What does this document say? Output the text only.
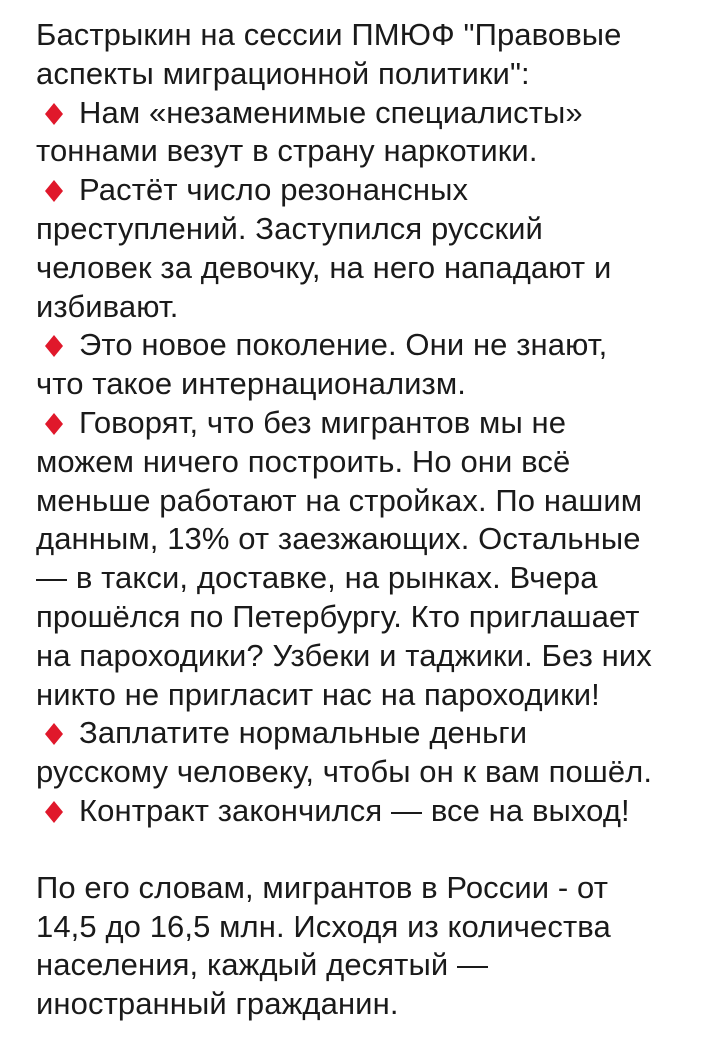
Бастрыкин на сессии ПМЮФ "Правовые
аспекты миграционной политики":
Нам «незаменимые специалисты»
тоннами везут в страну наркотики.
Растёт число резонансных
преступлений. Заступился русский
человек за девочку, на него нападают и
избивают.
Это новое поколение. Они не знают,
что такое интернационализм.
Говорят, что без мигрантов мы не
можем ничего построить. Но они всё
меньше работают на стройках. По нашим
данным, 13% от заезжающих. Остальные
— в такси, доставке, на рынках. Вчера
прошёлся по Петербургу. Кто приглашает
на пароходики? Узбеки и таджики. Без них
никто не пригласит нас на пароходики!
Заплатите нормальные деньги
русскому человеку, чтобы он к вам пошёл.
Контракт закончился — все на выход!
По его словам, мигрантов в России - от
14,5 до 16,5 млн. Исходя из количества
населения, каждый десятый —
иностранный гражданин.
